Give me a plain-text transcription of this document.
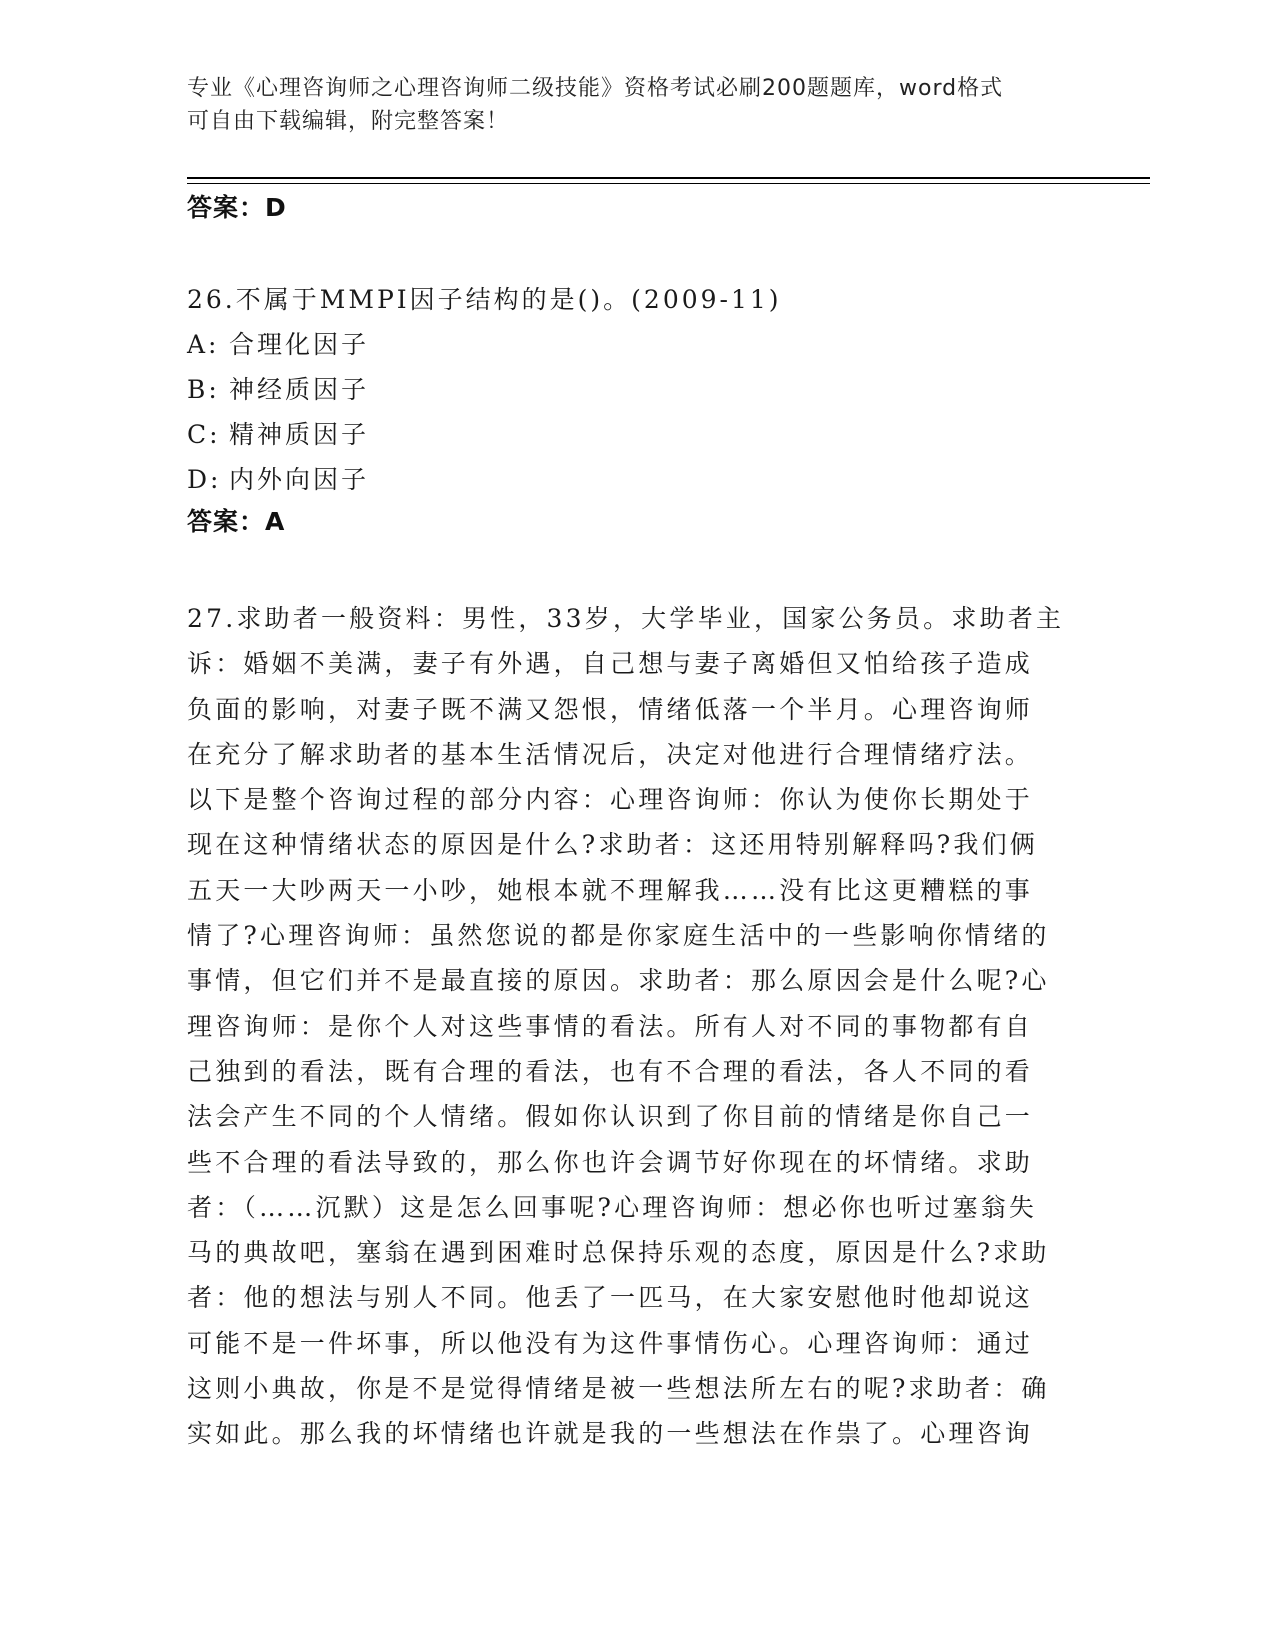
专业《心理咨询师之心理咨询师二级技能》资格考试必刷200题题库，word格式
可自由下载编辑，附完整答案！
答案：D
26.不属于MMPI因子结构的是()。(2009-11)
A: 合理化因子
B: 神经质因子
C: 精神质因子
D: 内外向因子
答案：A
27.求助者一般资料：男性，33岁，大学毕业，国家公务员。求助者主
诉：婚姻不美满，妻子有外遇，自己想与妻子离婚但又怕给孩子造成
负面的影响，对妻子既不满又怨恨，情绪低落一个半月。心理咨询师
在充分了解求助者的基本生活情况后，决定对他进行合理情绪疗法。
以下是整个咨询过程的部分内容：心理咨询师：你认为使你长期处于
现在这种情绪状态的原因是什么?求助者：这还用特别解释吗?我们俩
五天一大吵两天一小吵，她根本就不理解我……没有比这更糟糕的事
情了?心理咨询师：虽然您说的都是你家庭生活中的一些影响你情绪的
事情，但它们并不是最直接的原因。求助者：那么原因会是什么呢?心
理咨询师：是你个人对这些事情的看法。所有人对不同的事物都有自
己独到的看法，既有合理的看法，也有不合理的看法，各人不同的看
法会产生不同的个人情绪。假如你认识到了你目前的情绪是你自己一
些不合理的看法导致的，那么你也许会调节好你现在的坏情绪。求助
者：（……沉默）这是怎么回事呢?心理咨询师：想必你也听过塞翁失
马的典故吧，塞翁在遇到困难时总保持乐观的态度，原因是什么?求助
者：他的想法与别人不同。他丢了一匹马，在大家安慰他时他却说这
可能不是一件坏事，所以他没有为这件事情伤心。心理咨询师：通过
这则小典故，你是不是觉得情绪是被一些想法所左右的呢?求助者：确
实如此。那么我的坏情绪也许就是我的一些想法在作祟了。心理咨询
